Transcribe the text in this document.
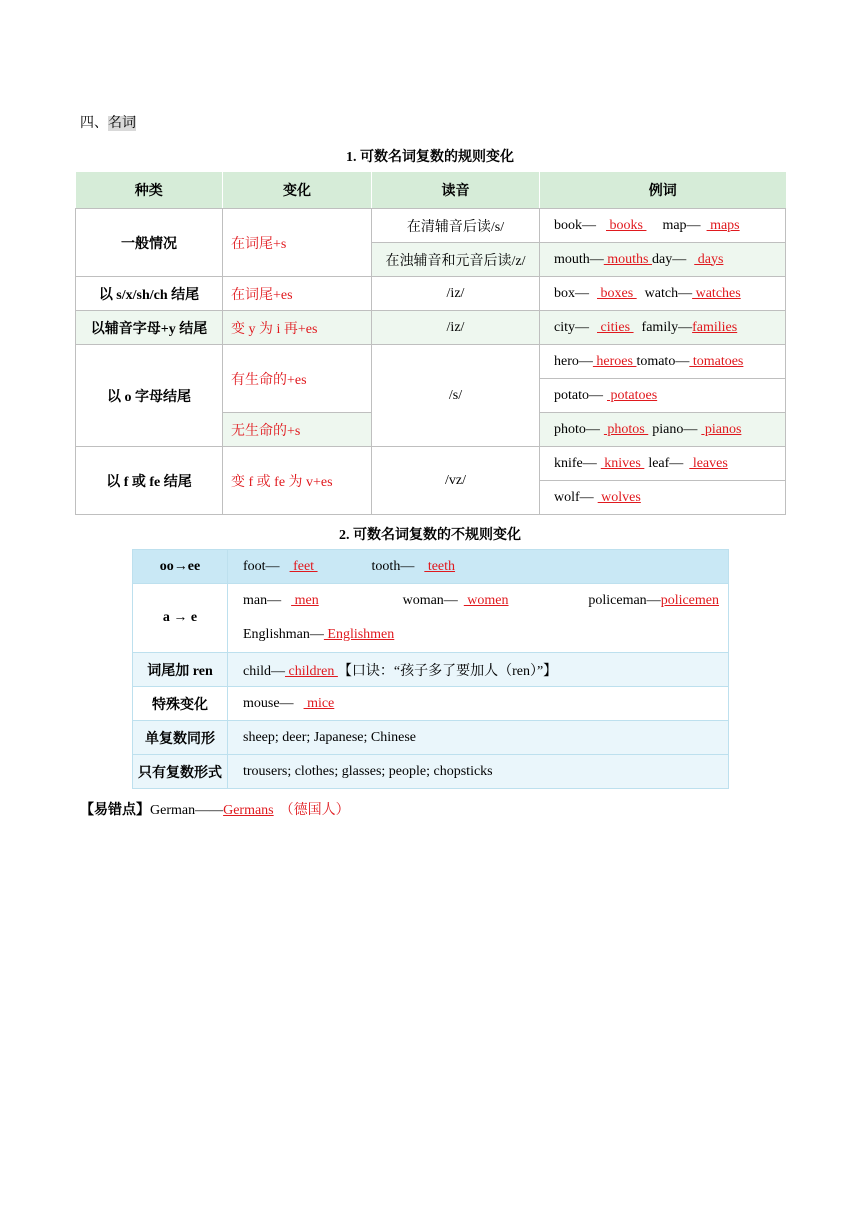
四、名词
1. 可数名词复数的规则变化
种类	变化	读音	例词
一般情况	在词尾+s	在清辅音后读/s/	book— books map— maps
		在浊辅音和元音后读/z/	mouth— mouths day— days
以 s/x/sh/ch 结尾	在词尾+es	/iz/	box— boxes watch— watches
以辅音字母+y 结尾	变 y 为 i 再+es	/iz/	city— cities family—families
以 o 字母结尾	有生命的+es	/s/	hero— heroes tomato— tomatoes
			potato— potatoes
	无生命的+s		photo— photos piano— pianos
以 f 或 fe 结尾	变 f 或 fe 为 v+es	/vz/	knife— knives leaf— leaves
			wolf— wolves
2. 可数名词复数的不规则变化
oo→ee	foot— feet tooth— teeth
a → e	man— men woman— women policeman—policemen
Englishman— Englishmen

词尾加 ren	child— children 【口诀：“孩子多了要加人（ren）”】
特殊变化	mouse— mice
单复数同形	sheep; deer; Japanese; Chinese
只有复数形式	trousers; clothes; glasses; people; chopsticks
【易错点】German——Germans （德国人）
